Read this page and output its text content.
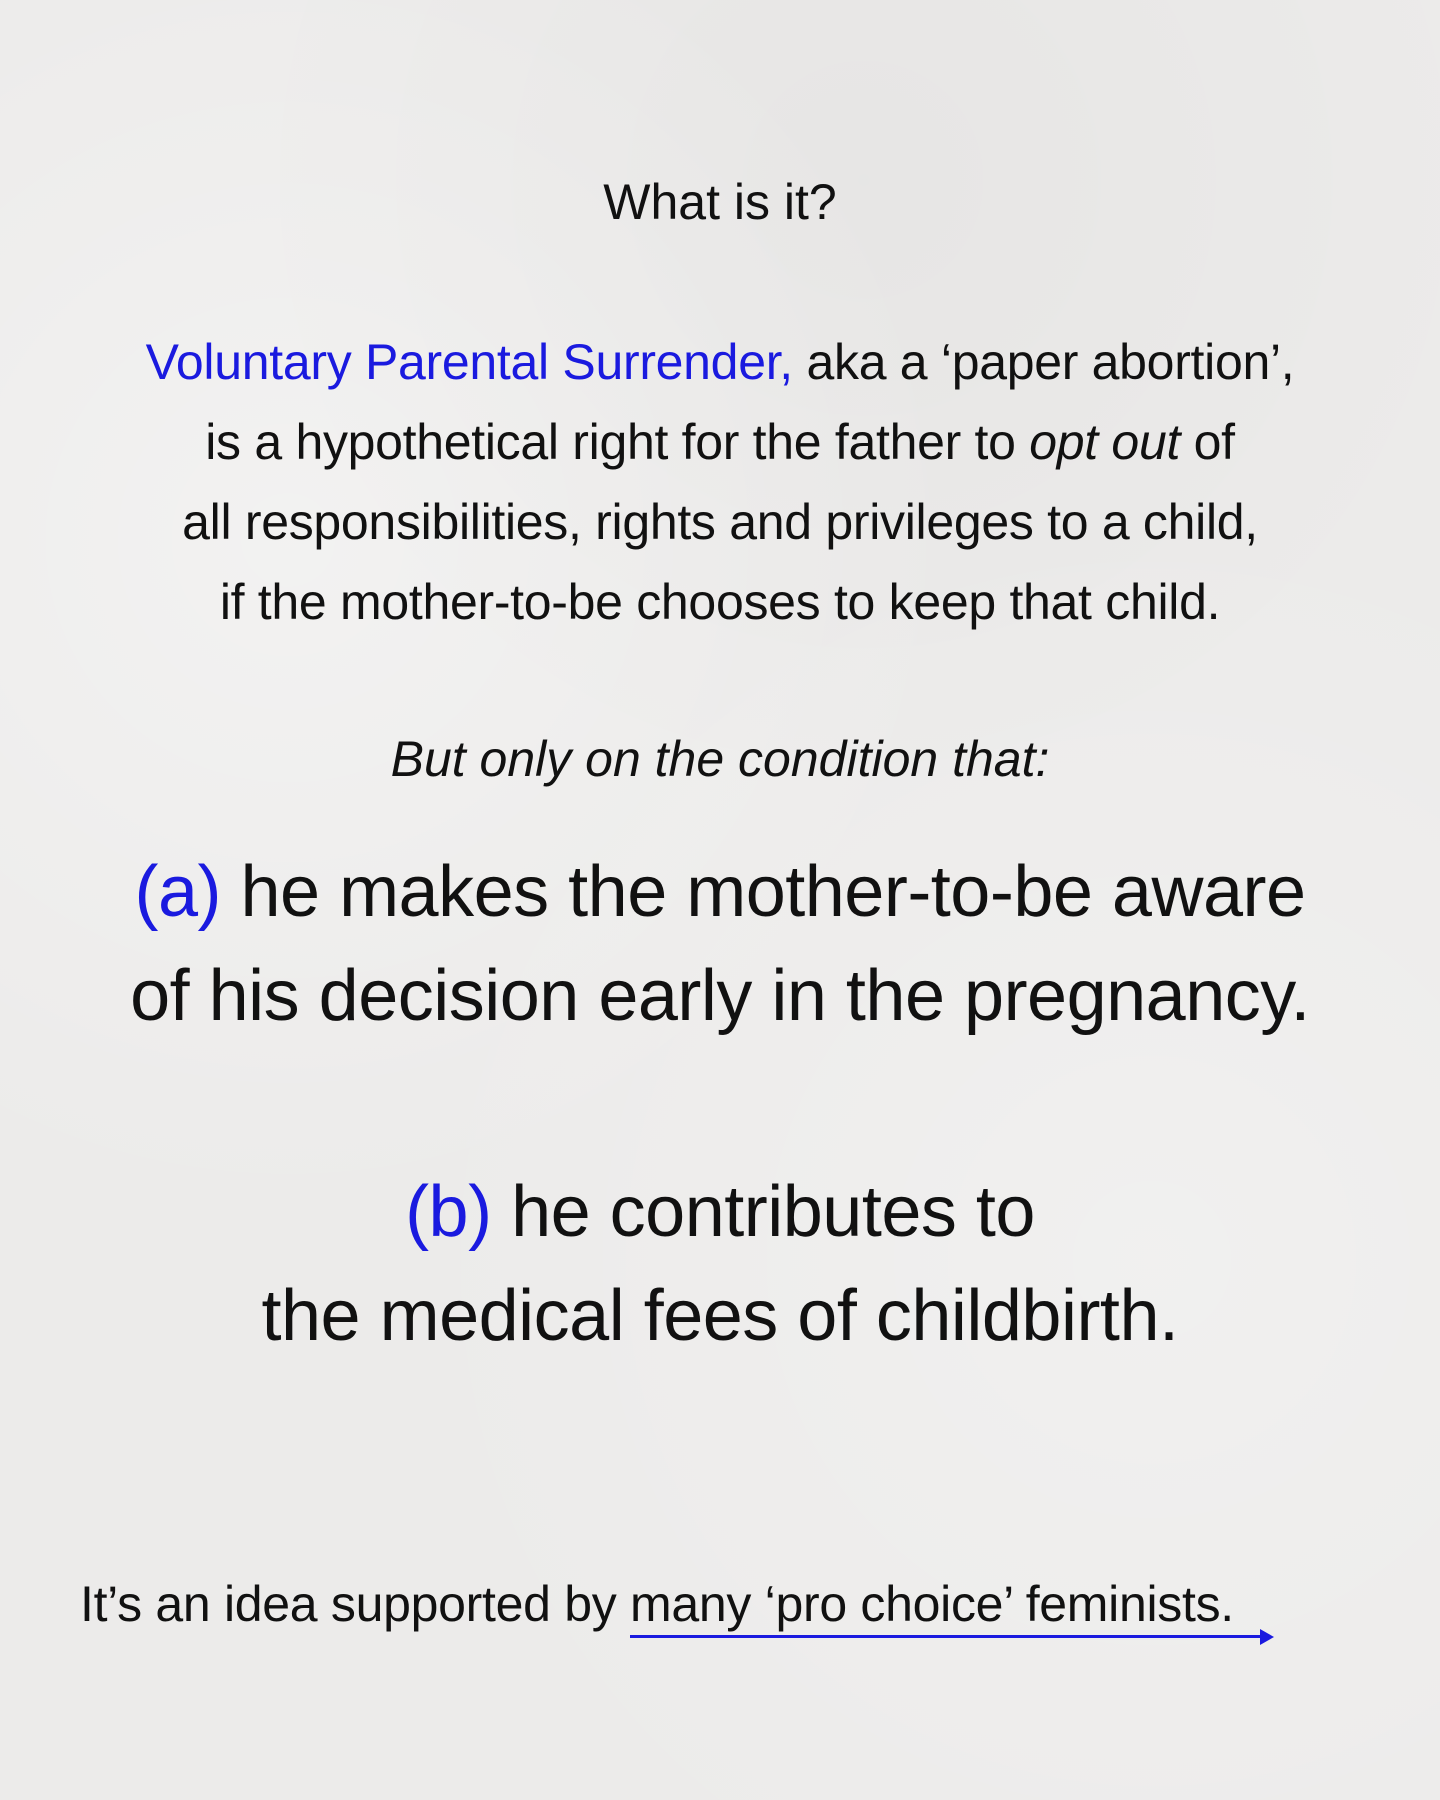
What is it?
Voluntary Parental Surrender, aka a ‘paper abortion’,
is a hypothetical right for the father to opt out of
all responsibilities, rights and privileges to a child,
if the mother-to-be chooses to keep that child.
But only on the condition that:
(a) he makes the mother-to-be aware
of his decision early in the pregnancy.
(b) he contributes to
the medical fees of childbirth.
It’s an idea supported by many ‘pro choice’ feminists.
